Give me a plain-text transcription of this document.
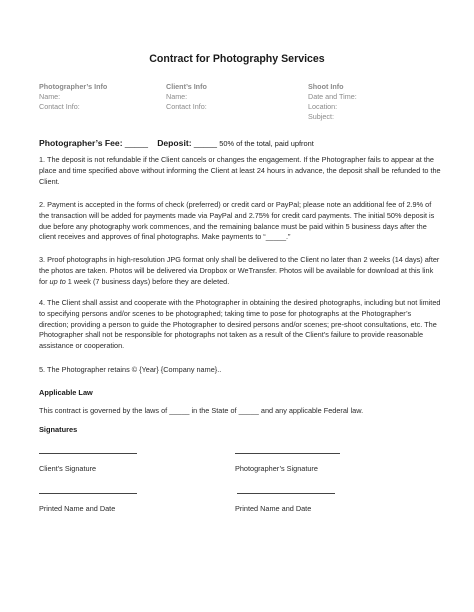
Contract for Photography Services
Photographer’s Info
Name:
Contact Info:
Client’s Info
Name:
Contact Info:
Shoot Info
Date and Time:
Location:
Subject:
Photographer’s Fee: _____ Deposit: _____ 50% of the total, paid upfront
1. The deposit is not refundable if the Client cancels or changes the engagement. If the Photographer fails to appear at the place and time specified above without informing the Client at least 24 hours in advance, the deposit shall be refunded to the Client.
2. Payment is accepted in the forms of check (preferred) or credit card or PayPal; please note an additional fee of 2.9% of the transaction will be added for payments made via PayPal and 2.75% for credit card payments. The initial 50% deposit is due before any photography work commences, and the remaining balance must be paid within 5 business days after the client receives and approves of final photographs. Make payments to “_____.”
3. Proof photographs in high-resolution JPG format only shall be delivered to the Client no later than 2 weeks (14 days) after the photos are taken. Photos will be delivered via Dropbox or WeTransfer. Photos will be available for download at this link for up to 1 week (7 business days) before they are deleted.
4. The Client shall assist and cooperate with the Photographer in obtaining the desired photographs, including but not limited to specifying persons and/or scenes to be photographed; taking time to pose for photographs at the Photographer’s direction; providing a person to guide the Photographer to desired persons and/or scenes; pre-shoot consultations, etc. The Photographer shall not be responsible for photographs not taken as a result of the Client’s failure to provide reasonable assistance or cooperation.
5. The Photographer retains © {Year} {Company name}..
Applicable Law
This contract is governed by the laws of _____ in the State of _____ and any applicable Federal law.
Signatures
Client’s Signature	Photographer’s Signature
Printed Name and Date	Printed Name and Date
